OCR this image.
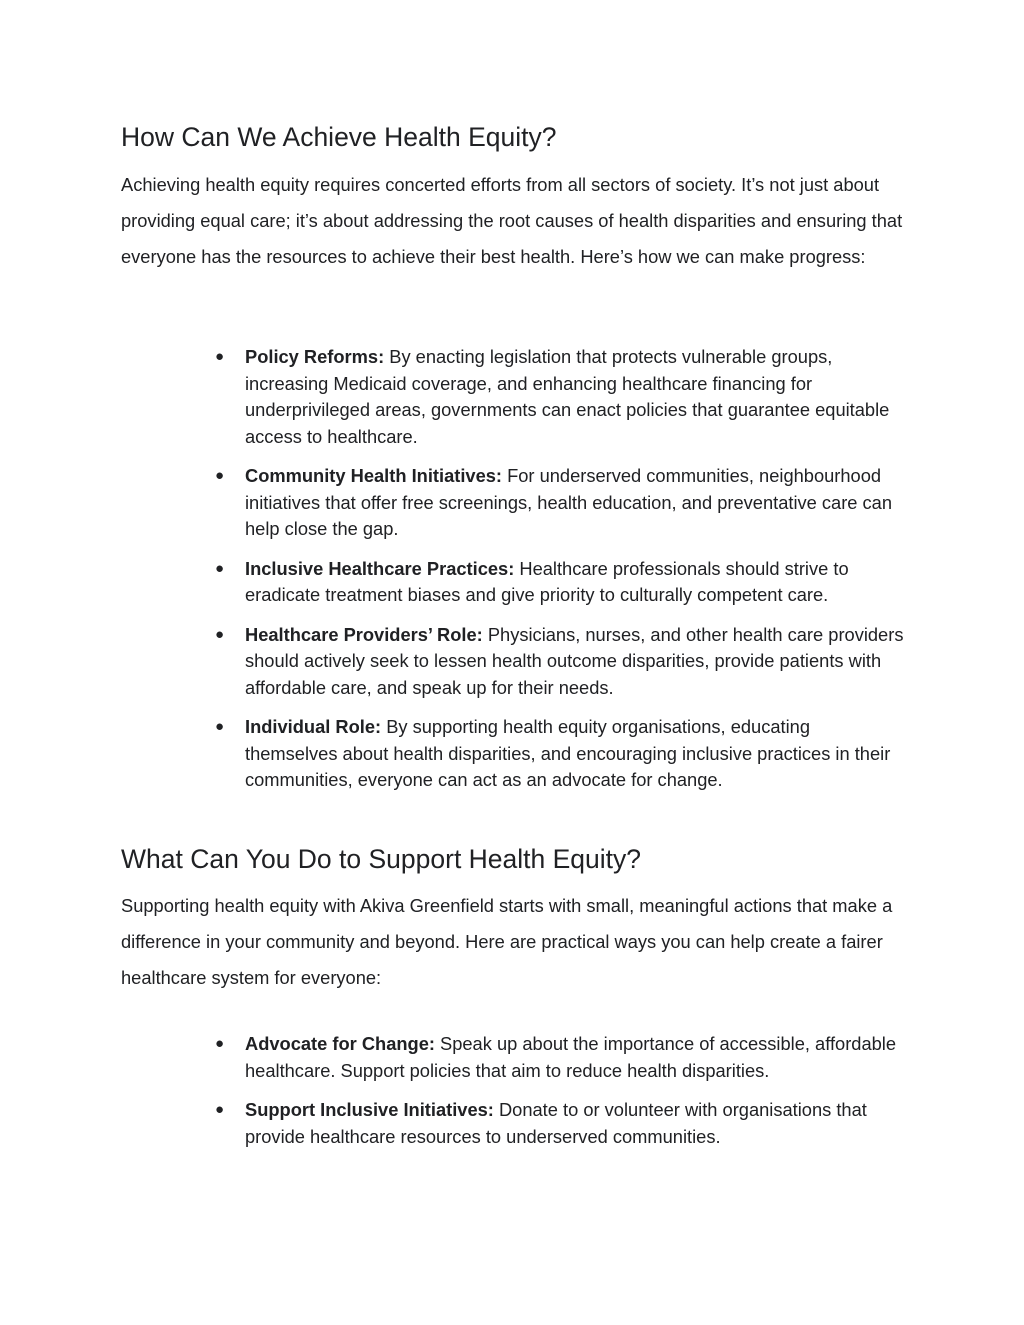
How Can We Achieve Health Equity?

Achieving health equity requires concerted efforts from all sectors of society. It’s not just about providing equal care; it’s about addressing the root causes of health disparities and ensuring that everyone has the resources to achieve their best health. Here’s how we can make progress:

● Policy Reforms: By enacting legislation that protects vulnerable groups, increasing Medicaid coverage, and enhancing healthcare financing for underprivileged areas, governments can enact policies that guarantee equitable access to healthcare.
● Community Health Initiatives: For underserved communities, neighbourhood initiatives that offer free screenings, health education, and preventative care can help close the gap.
● Inclusive Healthcare Practices: Healthcare professionals should strive to eradicate treatment biases and give priority to culturally competent care.
● Healthcare Providers’ Role: Physicians, nurses, and other health care providers should actively seek to lessen health outcome disparities, provide patients with affordable care, and speak up for their needs.
● Individual Role: By supporting health equity organisations, educating themselves about health disparities, and encouraging inclusive practices in their communities, everyone can act as an advocate for change.
What Can You Do to Support Health Equity?

Supporting health equity with Akiva Greenfield starts with small, meaningful actions that make a difference in your community and beyond. Here are practical ways you can help create a fairer healthcare system for everyone:

● Advocate for Change: Speak up about the importance of accessible, affordable healthcare. Support policies that aim to reduce health disparities.
● Support Inclusive Initiatives: Donate to or volunteer with organisations that provide healthcare resources to underserved communities.
